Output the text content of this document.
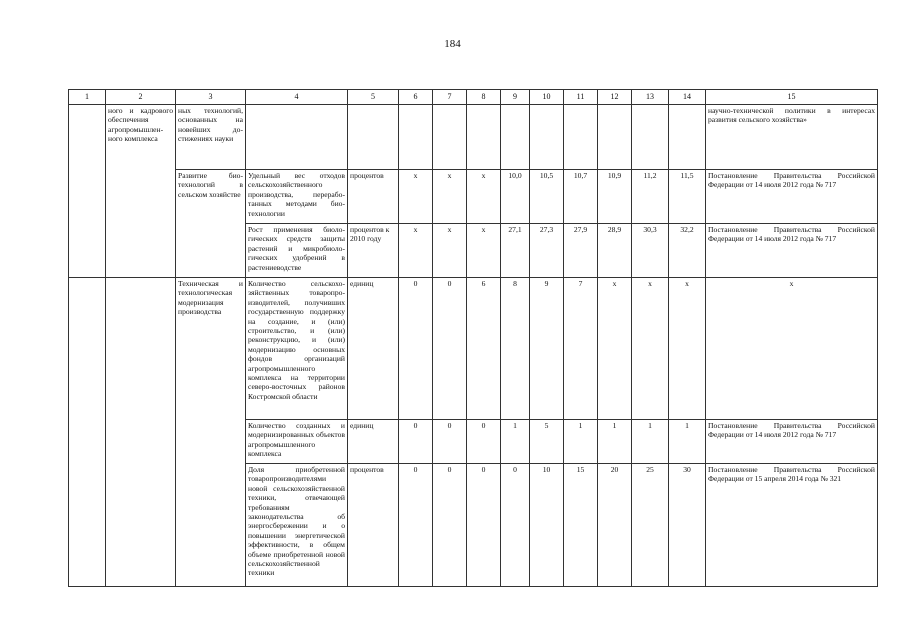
184
1	2	3	4	5	6	7	8	9	10	11	12	13	14	15
	ного и кадрового обеспечения агропромышленного комплекса	ных технологий, основанных на новейших достижениях науки												научно-технической политики в интересах развития сельского хозяйства»
		Развитие биотехнологий в сельском хозяйстве	Удельный вес отходов сельскохозяйственного производства, переработанных методами биотехнологии	процентов	х	х	х	10,0	10,5	10,7	10,9	11,2	11,5	Постановление Правительства Российской Федерации от 14 июля 2012 года № 717
			Рост применения биологических средств защиты растений и микробиологических удобрений в растениеводстве	процентов к 2010 году	х	х	х	27,1	27,3	27,9	28,9	30,3	32,2	Постановление Правительства Российской Федерации от 14 июля 2012 года № 717
		Техническая и технологическая модернизация производства	Количество сельскохозяйственных товаропроизводителей, получивших государственную поддержку на создание, и (или) строительство, и (или) реконструкцию, и (или) модернизацию основных фондов организаций агропромышленного комплекса на территории северо-восточных районов Костромской области	единиц	0	0	6	8	9	7	х	х	х	х
			Количество созданных и модернизированных объектов агропромышленного комплекса	единиц	0	0	0	1	5	1	1	1	1	Постановление Правительства Российской Федерации от 14 июля 2012 года № 717
			Доля приобретенной товаропроизводителями новой сельскохозяйственной техники, отвечающей требованиям законодательства об энергосбережении и о повышении энергетической эффективности, в общем объеме приобретенной новой сельскохозяйственной техники	процентов	0	0	0	0	10	15	20	25	30	Постановление Правительства Российской Федерации от 15 апреля 2014 года № 321
